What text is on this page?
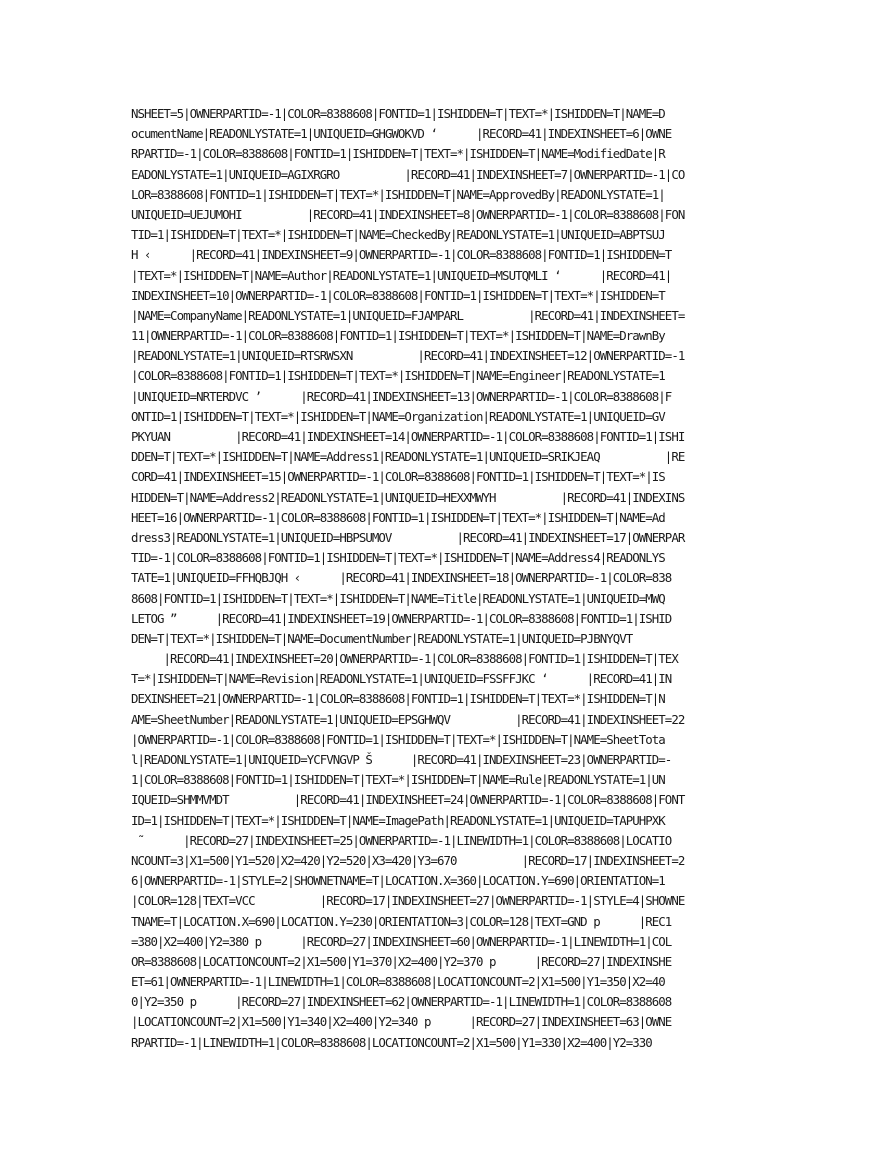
NSHEET=5|OWNERPARTID=-1|COLOR=8388608|FONTID=1|ISHIDDEN=T|TEXT=*|ISHIDDEN=T|NAME=D
ocumentName|READONLYSTATE=1|UNIQUEID=GHGWOKVD ‘      |RECORD=41|INDEXINSHEET=6|OWNE
RPARTID=-1|COLOR=8388608|FONTID=1|ISHIDDEN=T|TEXT=*|ISHIDDEN=T|NAME=ModifiedDate|R
EADONLYSTATE=1|UNIQUEID=AGIXRGRO          |RECORD=41|INDEXINSHEET=7|OWNERPARTID=-1|CO
LOR=8388608|FONTID=1|ISHIDDEN=T|TEXT=*|ISHIDDEN=T|NAME=ApprovedBy|READONLYSTATE=1|
UNIQUEID=UEJUMOHI          |RECORD=41|INDEXINSHEET=8|OWNERPARTID=-1|COLOR=8388608|FON
TID=1|ISHIDDEN=T|TEXT=*|ISHIDDEN=T|NAME=CheckedBy|READONLYSTATE=1|UNIQUEID=ABPTSUJ
H ‹      |RECORD=41|INDEXINSHEET=9|OWNERPARTID=-1|COLOR=8388608|FONTID=1|ISHIDDEN=T
|TEXT=*|ISHIDDEN=T|NAME=Author|READONLYSTATE=1|UNIQUEID=MSUTQMLI ‘      |RECORD=41|
INDEXINSHEET=10|OWNERPARTID=-1|COLOR=8388608|FONTID=1|ISHIDDEN=T|TEXT=*|ISHIDDEN=T
|NAME=CompanyName|READONLYSTATE=1|UNIQUEID=FJAMPARL          |RECORD=41|INDEXINSHEET=
11|OWNERPARTID=-1|COLOR=8388608|FONTID=1|ISHIDDEN=T|TEXT=*|ISHIDDEN=T|NAME=DrawnBy
|READONLYSTATE=1|UNIQUEID=RTSRWSXN          |RECORD=41|INDEXINSHEET=12|OWNERPARTID=-1
|COLOR=8388608|FONTID=1|ISHIDDEN=T|TEXT=*|ISHIDDEN=T|NAME=Engineer|READONLYSTATE=1
|UNIQUEID=NRTERDVC ’      |RECORD=41|INDEXINSHEET=13|OWNERPARTID=-1|COLOR=8388608|F
ONTID=1|ISHIDDEN=T|TEXT=*|ISHIDDEN=T|NAME=Organization|READONLYSTATE=1|UNIQUEID=GV
PKYUAN          |RECORD=41|INDEXINSHEET=14|OWNERPARTID=-1|COLOR=8388608|FONTID=1|ISHI
DDEN=T|TEXT=*|ISHIDDEN=T|NAME=Address1|READONLYSTATE=1|UNIQUEID=SRIKJEAQ          |RE
CORD=41|INDEXINSHEET=15|OWNERPARTID=-1|COLOR=8388608|FONTID=1|ISHIDDEN=T|TEXT=*|IS
HIDDEN=T|NAME=Address2|READONLYSTATE=1|UNIQUEID=HEXXMWYH          |RECORD=41|INDEXINS
HEET=16|OWNERPARTID=-1|COLOR=8388608|FONTID=1|ISHIDDEN=T|TEXT=*|ISHIDDEN=T|NAME=Ad
dress3|READONLYSTATE=1|UNIQUEID=HBPSUMOV          |RECORD=41|INDEXINSHEET=17|OWNERPAR
TID=-1|COLOR=8388608|FONTID=1|ISHIDDEN=T|TEXT=*|ISHIDDEN=T|NAME=Address4|READONLYS
TATE=1|UNIQUEID=FFHQBJQH ‹      |RECORD=41|INDEXINSHEET=18|OWNERPARTID=-1|COLOR=838
8608|FONTID=1|ISHIDDEN=T|TEXT=*|ISHIDDEN=T|NAME=Title|READONLYSTATE=1|UNIQUEID=MWQ
LETOG ”      |RECORD=41|INDEXINSHEET=19|OWNERPARTID=-1|COLOR=8388608|FONTID=1|ISHID
DEN=T|TEXT=*|ISHIDDEN=T|NAME=DocumentNumber|READONLYSTATE=1|UNIQUEID=PJBNYQVT
|RECORD=41|INDEXINSHEET=20|OWNERPARTID=-1|COLOR=8388608|FONTID=1|ISHIDDEN=T|TEX
T=*|ISHIDDEN=T|NAME=Revision|READONLYSTATE=1|UNIQUEID=FSSFFJKC ‘      |RECORD=41|IN
DEXINSHEET=21|OWNERPARTID=-1|COLOR=8388608|FONTID=1|ISHIDDEN=T|TEXT=*|ISHIDDEN=T|N
AME=SheetNumber|READONLYSTATE=1|UNIQUEID=EPSGHWQV          |RECORD=41|INDEXINSHEET=22
|OWNERPARTID=-1|COLOR=8388608|FONTID=1|ISHIDDEN=T|TEXT=*|ISHIDDEN=T|NAME=SheetTota
l|READONLYSTATE=1|UNIQUEID=YCFVNGVP Š      |RECORD=41|INDEXINSHEET=23|OWNERPARTID=-
1|COLOR=8388608|FONTID=1|ISHIDDEN=T|TEXT=*|ISHIDDEN=T|NAME=Rule|READONLYSTATE=1|UN
IQUEID=SHMMVMDT          |RECORD=41|INDEXINSHEET=24|OWNERPARTID=-1|COLOR=8388608|FONT
ID=1|ISHIDDEN=T|TEXT=*|ISHIDDEN=T|NAME=ImagePath|READONLYSTATE=1|UNIQUEID=TAPUHPXK
˜      |RECORD=27|INDEXINSHEET=25|OWNERPARTID=-1|LINEWIDTH=1|COLOR=8388608|LOCATIO
NCOUNT=3|X1=500|Y1=520|X2=420|Y2=520|X3=420|Y3=670          |RECORD=17|INDEXINSHEET=2
6|OWNERPARTID=-1|STYLE=2|SHOWNETNAME=T|LOCATION.X=360|LOCATION.Y=690|ORIENTATION=1
|COLOR=128|TEXT=VCC          |RECORD=17|INDEXINSHEET=27|OWNERPARTID=-1|STYLE=4|SHOWNE
TNAME=T|LOCATION.X=690|LOCATION.Y=230|ORIENTATION=3|COLOR=128|TEXT=GND p      |REC1
=380|X2=400|Y2=380 p      |RECORD=27|INDEXINSHEET=60|OWNERPARTID=-1|LINEWIDTH=1|COL
OR=8388608|LOCATIONCOUNT=2|X1=500|Y1=370|X2=400|Y2=370 p      |RECORD=27|INDEXINSHE
ET=61|OWNERPARTID=-1|LINEWIDTH=1|COLOR=8388608|LOCATIONCOUNT=2|X1=500|Y1=350|X2=40
0|Y2=350 p      |RECORD=27|INDEXINSHEET=62|OWNERPARTID=-1|LINEWIDTH=1|COLOR=8388608
|LOCATIONCOUNT=2|X1=500|Y1=340|X2=400|Y2=340 p      |RECORD=27|INDEXINSHEET=63|OWNE
RPARTID=-1|LINEWIDTH=1|COLOR=8388608|LOCATIONCOUNT=2|X1=500|Y1=330|X2=400|Y2=330
